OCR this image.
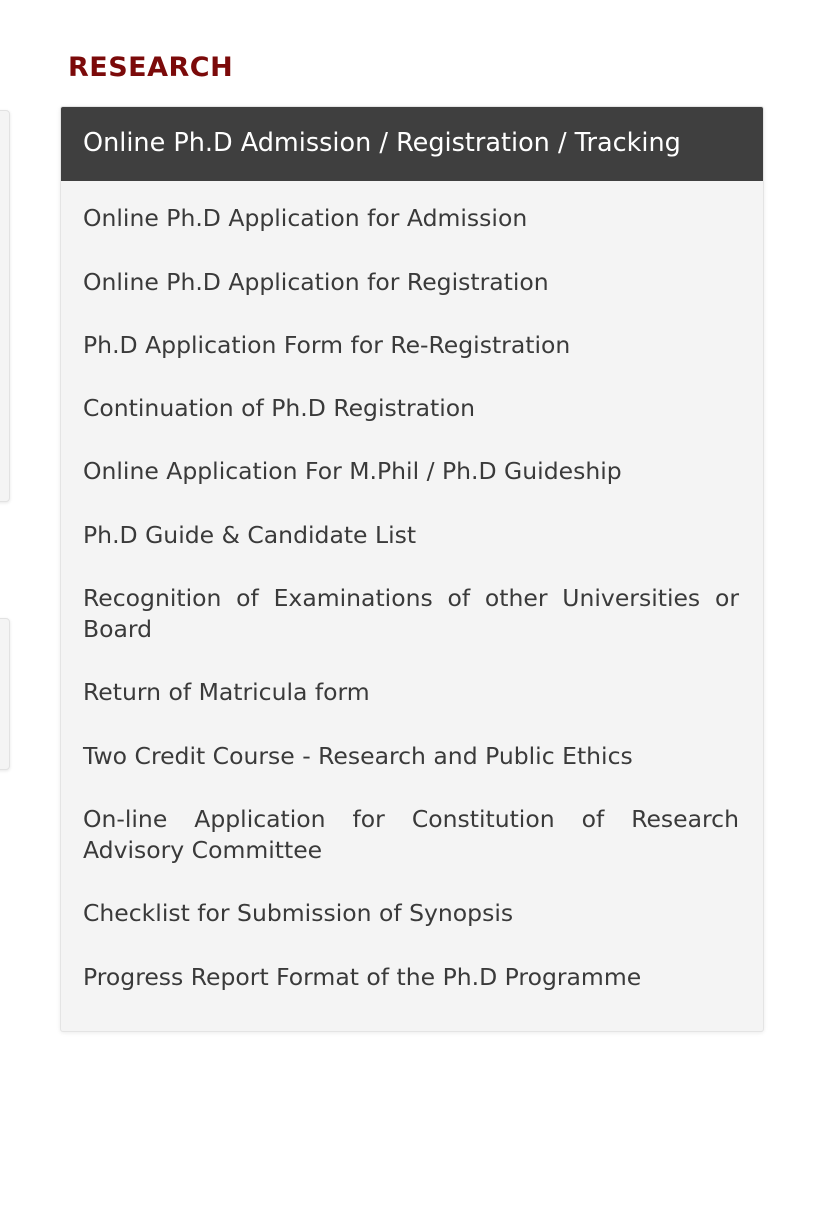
RESEARCH
Online Ph.D Admission / Registration / Tracking
Online Ph.D Application for Admission
Online Ph.D Application for Registration
Ph.D Application Form for Re-Registration
Continuation of Ph.D Registration
Online Application For M.Phil / Ph.D Guideship
Ph.D Guide & Candidate List
Recognition of Examinations of other Universities or Board
Return of Matricula form
Two Credit Course - Research and Public Ethics
On-line Application for Constitution of Research Advisory Committee
Checklist for Submission of Synopsis
Progress Report Format of the Ph.D Programme
